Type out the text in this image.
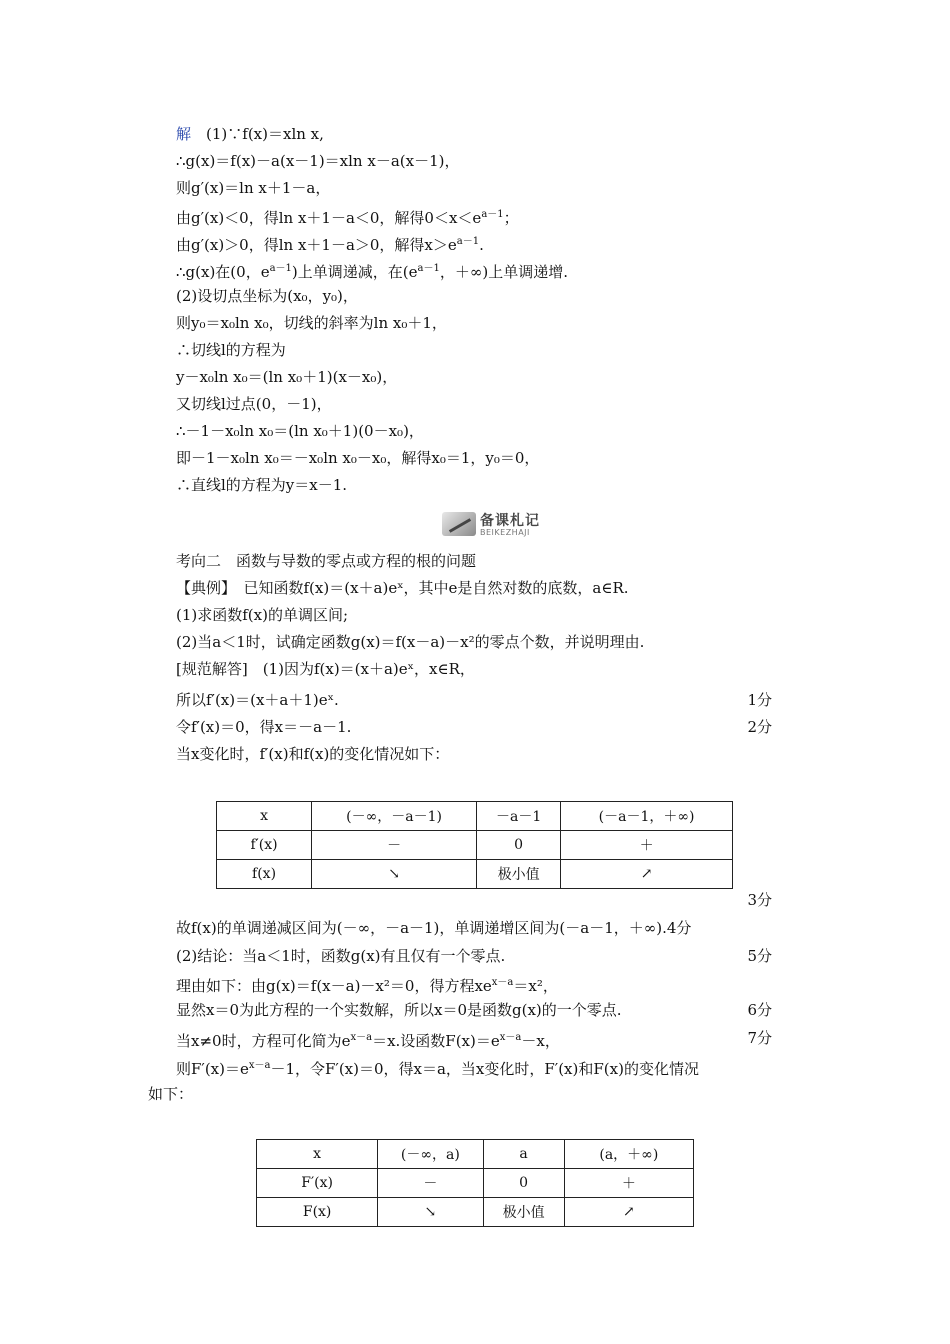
解　 (1)∵f(x)＝xln x,
∴g(x)＝f(x)－a(x－1)＝xln x－a(x－1)，
则g′(x)＝ln x＋1－a，
由g′(x)＜0，得ln x＋1－a＜0，解得$0<x<e^{a-1}$；
由g′(x)＞0，得ln x＋1－a＞0，解得$x>e^{a-1}$.
∴g(x)在(0，$e^{a-1}$)上单调递减，在($e^{a-1}$，＋∞)上单调递增.
(2)设切点坐标为(x₀，y₀)，
则y₀＝x₀ln x₀，切线的斜率为ln x₀＋1，
∴切线l的方程为
y－x₀ln x₀＝(ln x₀＋1)(x－x₀)，
又切线l过点(0，－1)，
∴－1－x₀ln x₀＝(ln x₀＋1)(0－x₀)，
即－1－x₀ln x₀＝－x₀ln x₀－x₀，解得x₀＝1，y₀＝0，
∴直线l的方程为y＝x－1.
备课札记
BEIKEZHAJI
考向二　函数与导数的零点或方程的根的问题
【典例】　已知函数f(x)＝(x＋a)eˣ，其中e是自然对数的底数，a∈R.
(1)求函数f(x)的单调区间;
(2)当a＜1时，试确定函数g(x)＝f(x－a)－x²的零点个数，并说明理由.
[规范解答]　(1)因为f(x)＝(x＋a)eˣ，x∈R，
所以f′(x)＝(x＋a＋1)eˣ.	1分
令f′(x)＝0，得x＝－a－1.	2分
当x变化时，f′(x)和f(x)的变化情况如下：
x	(－∞，－a－1)	－a－1	(－a－1，＋∞)
f′(x)	－	0	＋
f(x)	↘	极小值	↗
3分
故f(x)的单调递减区间为(－∞，－a－1)，单调递增区间为(－a－1，＋∞).4分
(2)结论：当a＜1时，函数g(x)有且仅有一个零点.	5分
理由如下：由g(x)＝f(x－a)－x²＝0，得方程$xe^{x-a}=x^2$，
显然x＝0为此方程的一个实数解，所以x＝0是函数g(x)的一个零点.	6分
当x≠0时，方程可化简为$e^{x-a}=x$.设函数$F(x)=e^{x-a}-x$，	7分
则$F'(x)=e^{x-a}-1$，令F′(x)＝0，得x＝a，当x变化时，F′(x)和F(x)的变化情况
如下：
x	(－∞，a)	a	(a，＋∞)
F′(x)	－	0	＋
F(x)	↘	极小值	↗
